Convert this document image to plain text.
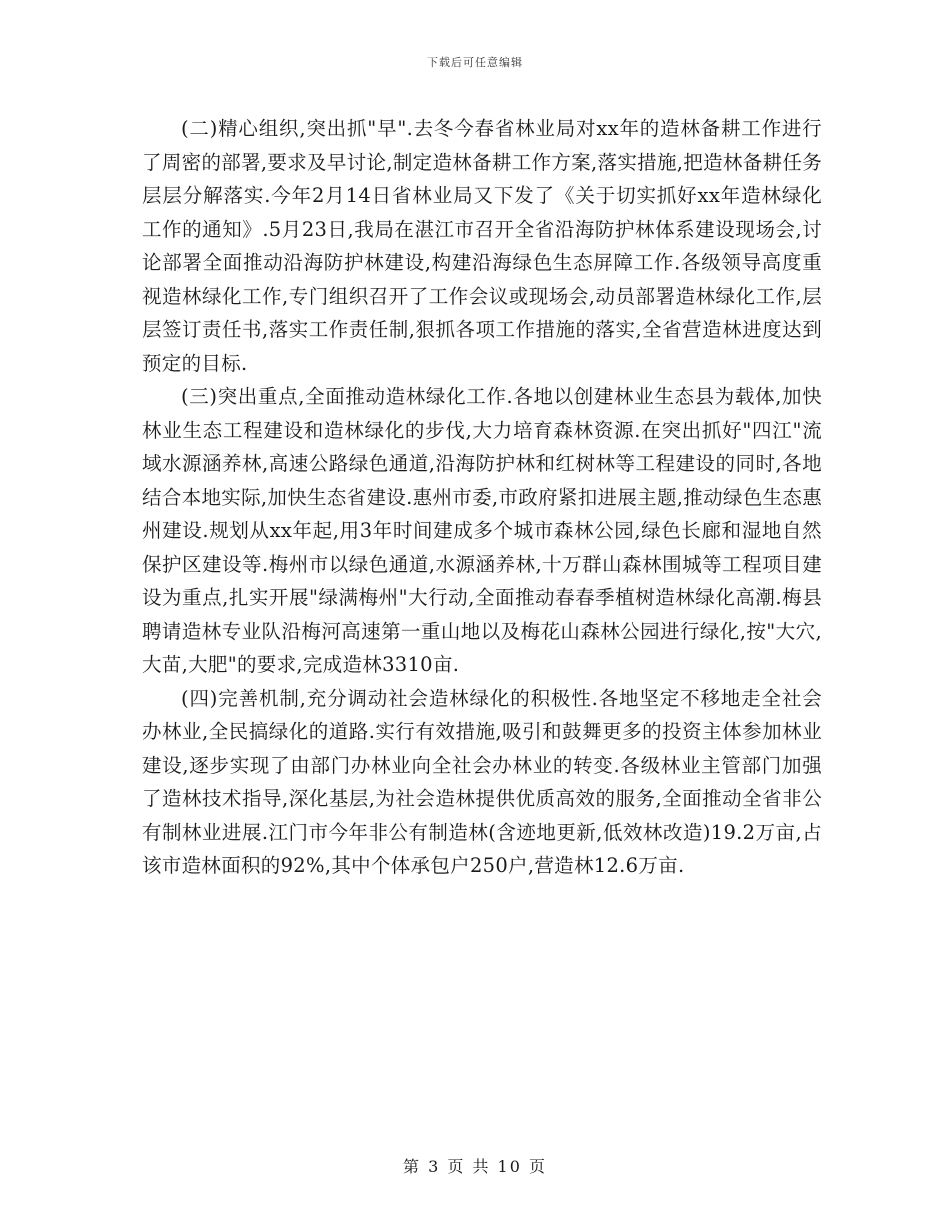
下载后可任意编辑

(二)精心组织,突出抓"早".去冬今春省林业局对xx年的造林备耕工作进行了周密的部署,要求及早讨论,制定造林备耕工作方案,落实措施,把造林备耕任务层层分解落实.今年2月14日省林业局又下发了《关于切实抓好xx年造林绿化工作的通知》.5月23日,我局在湛江市召开全省沿海防护林体系建设现场会,讨论部署全面推动沿海防护林建设,构建沿海绿色生态屏障工作.各级领导高度重视造林绿化工作,专门组织召开了工作会议或现场会,动员部署造林绿化工作,层层签订责任书,落实工作责任制,狠抓各项工作措施的落实,全省营造林进度达到预定的目标.

(三)突出重点,全面推动造林绿化工作.各地以创建林业生态县为载体,加快林业生态工程建设和造林绿化的步伐,大力培育森林资源.在突出抓好"四江"流域水源涵养林,高速公路绿色通道,沿海防护林和红树林等工程建设的同时,各地结合本地实际,加快生态省建设.惠州市委,市政府紧扣进展主题,推动绿色生态惠州建设.规划从xx年起,用3年时间建成多个城市森林公园,绿色长廊和湿地自然保护区建设等.梅州市以绿色通道,水源涵养林,十万群山森林围城等工程项目建设为重点,扎实开展"绿满梅州"大行动,全面推动春春季植树造林绿化高潮.梅县聘请造林专业队沿梅河高速第一重山地以及梅花山森林公园进行绿化,按"大穴,大苗,大肥"的要求,完成造林3310亩.

(四)完善机制,充分调动社会造林绿化的积极性.各地坚定不移地走全社会办林业,全民搞绿化的道路.实行有效措施,吸引和鼓舞更多的投资主体参加林业建设,逐步实现了由部门办林业向全社会办林业的转变.各级林业主管部门加强了造林技术指导,深化基层,为社会造林提供优质高效的服务,全面推动全省非公有制林业进展.江门市今年非公有制造林(含迹地更新,低效林改造)19.2万亩,占该市造林面积的92%,其中个体承包户250户,营造林12.6万亩.

第 3 页 共 10 页
